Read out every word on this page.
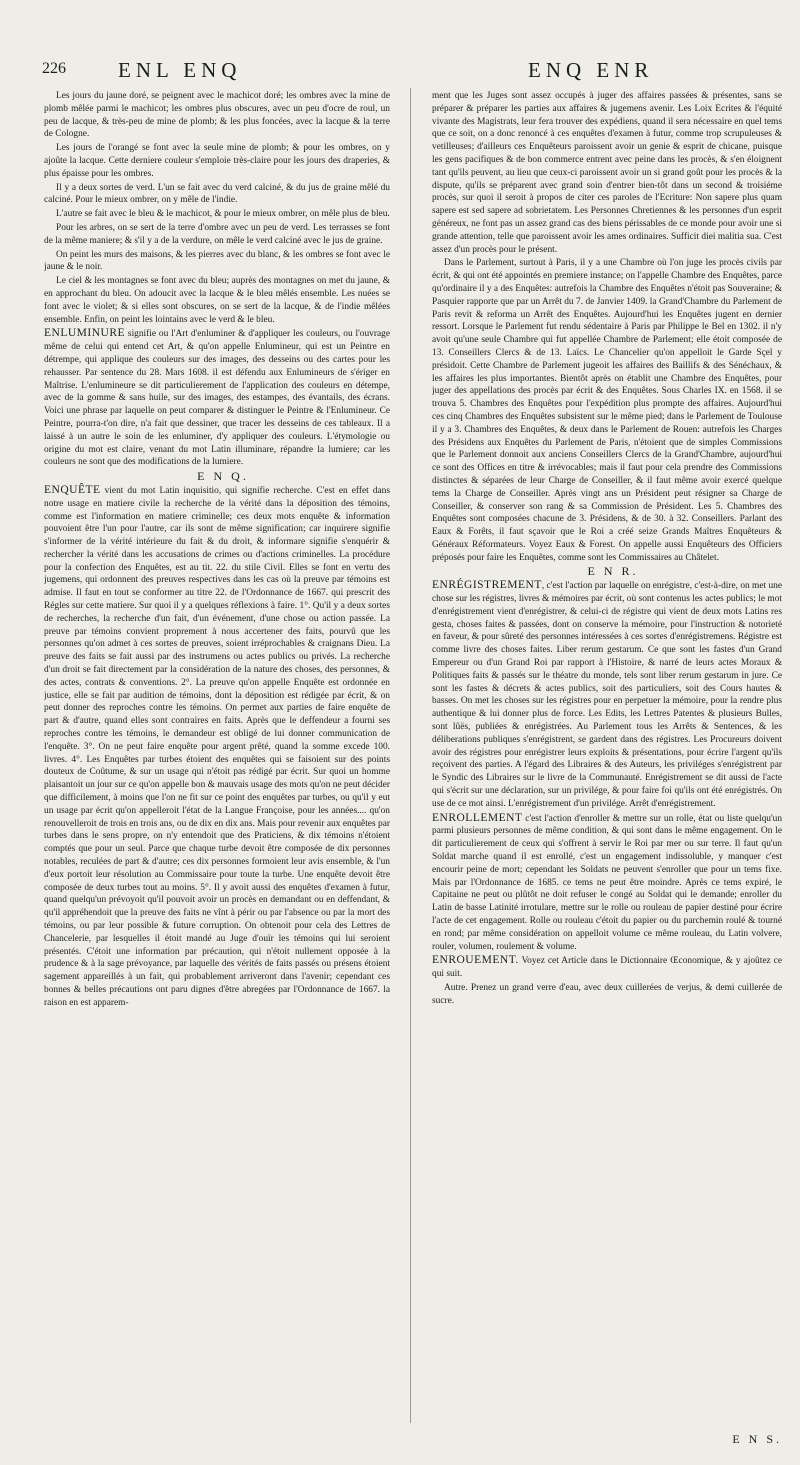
226 ENL ENQ	ENQ ENR

Les jours du jaune doré, se peignent avec le machicot doré; les ombres avec la mine de plomb mêlée parmi le machicot; les ombres plus obscures, avec un peu d'ocre de roul, un peu de lacque, & très-peu de mine de plomb; & les plus foncées, avec la lacque & la terre de Cologne.

Les jours de l'orangé se font avec la seule mine de plomb; & pour les ombres, on y ajoûte la lacque. Cette derniere couleur s'emploie très-claire pour les jours des draperies, & plus épaisse pour les ombres.

Il y a deux sortes de verd. L'un se fait avec du verd calciné, & du jus de graine mêlé du calciné. Pour le mieux ombrer, on y mêle de l'indie.

L'autre se fait avec le bleu & le machicot, & pour le mieux ombrer, on mêle plus de bleu.

Pour les arbres, on se sert de la terre d'ombre avec un peu de verd. Les terrasses se font de la même maniere; & s'il y a de la verdure, on mêle le verd calciné avec le jus de graine.

On peint les murs des maisons, & les pierres avec du blanc, & les ombres se font avec le jaune & le noir.

Le ciel & les montagnes se font avec du bleu; auprès des montagnes on met du jaune, & en approchant du bleu. On adoucit avec la lacque & le bleu mêlés ensemble. Les nuées se font avec le violet; & si elles sont obscures, on se sert de la lacque, & de l'indie mêlées ensemble. Enfin, on peint les lointains avec le verd & le bleu.

ENLUMINURE signifie ou l'Art d'enluminer & d'appliquer les couleurs, ou l'ouvrage même de celui qui entend cet Art, & qu'on appelle Enlumineur, qui est un Peintre en détrempe, qui applique des couleurs sur des images, des desseins ou des cartes pour les rehausser. Par sentence du 28. Mars 1608. il est défendu aux Enlumineurs de s'ériger en Maîtrise. L'enlumineure se dit particulierement de l'application des couleurs en détempe, avec de la gomme & sans huile, sur des images, des estampes, des évantails, des écrans. Voici une phrase par laquelle on peut comparer & distinguer le Peintre & l'Enlumineur. Ce Peintre, pourra-t'on dire, n'a fait que dessiner, que tracer les desseins de ces tableaux. Il a laissé à un autre le soin de les enluminer, d'y appliquer des couleurs. L'étymologie ou origine du mot est claire, venant du mot Latin illuminare, répandre la lumiere; car les couleurs ne sont que des modifications de la lumiere.

E N Q.

ENQUÊTE vient du mot Latin inquisitio, qui signifie recherche. C'est en effet dans notre usage en matiere civile la recherche de la vérité dans la déposition des témoins, comme est l'information en matiere criminelle; ces deux mots enquête & information pouvoient être l'un pour l'autre, car ils sont de même signification; car inquirere signifie s'informer de la vérité intérieure du fait & du droit, & informare signifie s'enquérir & rechercher la vérité dans les accusations de crimes ou d'actions criminelles. La procédure pour la confection des Enquêtes, est au tit. 22. du stile Civil. Elles se font en vertu des jugemens, qui ordonnent des preuves respectives dans les cas où la preuve par témoins est admise. Il faut en tout se conformer au titre 22. de l'Ordonnance de 1667. qui prescrit des Régles sur cette matiere. Sur quoi il y a quelques réflexions à faire. 1°. Qu'il y a deux sortes de recherches, la recherche d'un fait, d'un événement, d'une chose ou action passée. La preuve par témoins convient proprement à nous accertener des faits, pourvû que les personnes qu'on admet à ces sortes de preuves, soient irréprochables & craignans Dieu. La preuve des faits se fait aussi par des instrumens ou actes publics ou privés. La recherche d'un droit se fait directement par la considération de la nature des choses, des personnes, & des actes, contrats & conventions. 2°. La preuve qu'on appelle Enquête est ordonnée en justice, elle se fait par audition de témoins, dont la déposition est rédigée par écrit, & on peut donner des reproches contre les témoins. On permet aux parties de faire enquête de part & d'autre, quand elles sont contraires en faits. Après que le deffendeur a fourni ses reproches contre les témoins, le demandeur est obligé de lui donner communication de l'enquête. 3°. On ne peut faire enquête pour argent prêté, quand la somme excede 100. livres. 4°. Les Enquêtes par turbes étoient des enquêtes qui se faisoient sur des points douteux de Coûtume, & sur un usage qui n'étoit pas rédigé par écrit. Sur quoi un homme plaisantoit un jour sur ce qu'on appelle bon & mauvais usage des mots qu'on ne peut décider que difficilement, à moins que l'on ne fit sur ce point des enquêtes par turbes, ou qu'il y eut un usage par écrit qu'on appelleroit l'état de la Langue Françoise, pour les années.... qu'on renouvelleroit de trois en trois ans, ou de dix en dix ans. Mais pour revenir aux enquêtes par turbes dans le sens propre, on n'y entendoit que des Praticiens, & dix témoins n'étoient comptés que pour un seul. Parce que chaque turbe devoit être composée de dix personnes notables, reculées de part & d'autre; ces dix personnes formoient leur avis ensemble, & l'un d'eux portoit leur résolution au Commissaire pour toute la turbe. Une enquête devoit être composée de deux turbes tout au moins. 5°. Il y avoit aussi des enquêtes d'examen à futur, quand quelqu'un prévoyoit qu'il pouvoit avoir un procès en demandant ou en deffendant, & qu'il appréhendoit que la preuve des faits ne vînt à périr ou par l'absence ou par la mort des témoins, ou par leur possible & future corruption. On obtenoit pour cela des Lettres de Chancelerie, par lesquelles il étoit mandé au Juge d'ouïr les témoins qui lui seroient présentés. C'étoit une information par précaution, qui n'étoit nullement opposée à la prudence & à la sage prévoyance, par laquelle des vérités de faits passés ou présens étoient sagement appareillés à un fait, qui probablement arriveront dans l'avenir; cependant ces bonnes & belles précautions ont paru dignes d'être abregées par l'Ordonnance de 1667. la raison en est apparem-

ment que les Juges sont assez occupés à juger des affaires passées & présentes, sans se préparer & préparer les parties aux affaires & jugemens avenir. Les Loix Ecrites & l'équité vivante des Magistrats, leur fera trouver des expédiens, quand il sera nécessaire en quel tems que ce soit, on a donc renoncé à ces enquêtes d'examen à futur, comme trop scrupuleuses & vetilleuses; d'ailleurs ces Enquêteurs paroissent avoir un genie & esprit de chicane, puisque les gens pacifiques & de bon commerce entrent avec peine dans les procès, & s'en éloignent tant qu'ils peuvent, au lieu que ceux-ci paroissent avoir un si grand goût pour les procès & la dispute, qu'ils se préparent avec grand soin d'entrer bien-tôt dans un second & troisiéme procès, sur quoi il seroit à propos de citer ces paroles de l'Ecriture: Non sapere plus quam sapere est sed sapere ad sobrietatem. Les Personnes Chretiennes & les personnes d'un esprit généreux, ne font pas un assez grand cas des biens périssables de ce monde pour avoir une si grande attention, telle que paroissent avoir les ames ordinaires. Sufficit diei malitia sua. C'est assez d'un procès pour le présent.

Dans le Parlement, surtout à Paris, il y a une Chambre où l'on juge les procès civils par écrit, & qui ont été appointés en premiere instance; on l'appelle Chambre des Enquêtes, parce qu'ordinaire il y a des Enquêtes: autrefois la Chambre des Enquêtes n'étoit pas Souveraine; & Pasquier rapporte que par un Arrêt du 7. de Janvier 1409. la Grand'Chambre du Parlement de Paris revit & reforma un Arrêt des Enquêtes. Aujourd'hui les Enquêtes jugent en dernier ressort. Lorsque le Parlement fut rendu sédentaire à Paris par Philippe le Bel en 1302. il n'y avoit qu'une seule Chambre qui fut appellée Chambre de Parlement; elle étoit composée de 13. Conseillers Clercs & de 13. Laïcs. Le Chancelier qu'on appelloit le Garde Sçel y présidoit. Cette Chambre de Parlement jugeoit les affaires des Baillifs & des Sénéchaux, & les affaires les plus importantes. Bientôt après on établit une Chambre des Enquêtes, pour juger des appellations des procès par écrit & des Enquêtes. Sous Charles IX. en 1568. il se trouva 5. Chambres des Enquêtes pour l'expédition plus prompte des affaires. Aujourd'hui ces cinq Chambres des Enquêtes subsistent sur le même pied; dans le Parlement de Toulouse il y a 3. Chambres des Enquêtes, & deux dans le Parlement de Rouen: autrefois les Charges des Présidens aux Enquêtes du Parlement de Paris, n'étoient que de simples Commissions que le Parlement donnoit aux anciens Conseillers Clercs de la Grand'Chambre, aujourd'hui ce sont des Offices en titre & irrévocables; mais il faut pour cela prendre des Commissions distinctes & séparées de leur Charge de Conseiller, & il faut même avoir exercé quelque tems la Charge de Conseiller. Après vingt ans un Président peut résigner sa Charge de Conseiller, & conserver son rang & sa Commission de Président. Les 5. Chambres des Enquêtes sont composées chacune de 3. Présidens, & de 30. à 32. Conseillers. Parlant des Eaux & Forêts, il faut sçavoir que le Roi a créé seize Grands Maîtres Enquêteurs & Généraux Réformateurs. Voyez Eaux & Forest. On appelle aussi Enquêteurs des Officiers préposés pour faire les Enquêtes, comme sont les Commissaires au Châtelet.

E N R.

ENRÉGISTREMENT, c'est l'action par laquelle on enrégistre, c'est-à-dire, on met une chose sur les régistres, livres & mémoires par écrit, où sont contenus les actes publics; le mot d'enrégistrement vient d'enrégistrer, & celui-ci de régistre qui vient de deux mots Latins res gesta, choses faites & passées, dont on conserve la mémoire, pour l'instruction & notorieté en faveur, & pour sûreté des personnes intéressées à ces sortes d'enrégistremens. Régistre est comme livre des choses faites. Liber rerum gestarum. Ce que sont les fastes d'un Grand Empereur ou d'un Grand Roi par rapport à l'Histoire, & narré de leurs actes Moraux & Politiques faits & passés sur le théatre du monde, tels sont liber rerum gestarum in jure. Ce sont les fastes & décrets & actes publics, soit des particuliers, soit des Cours hautes & basses. On met les choses sur les régistres pour en perpetuer la mémoire, pour la rendre plus authentique & lui donner plus de force. Les Edits, les Lettres Patentes & plusieurs Bulles, sont lûës, publiées & enrégistrées. Au Parlement tous les Arrêts & Sentences, & les déliberations publiques s'enrégistrent, se gardent dans des régistres. Les Procureurs doivent avoir des régistres pour enrégistrer leurs exploits & présentations, pour écrire l'argent qu'ils reçoivent des parties. A l'égard des Libraires & des Auteurs, les priviléges s'enrégistrent par le Syndic des Libraires sur le livre de la Communauté. Enrégistrement se dit aussi de l'acte qui s'écrit sur une déclaration, sur un privilége, & pour faire foi qu'ils ont été enrégistrés. On use de ce mot ainsi. L'enrégistrement d'un privilége. Arrêt d'enrégistrement.

ENROLLEMENT c'est l'action d'enroller & mettre sur un rolle, état ou liste quelqu'un parmi plusieurs personnes de même condition, & qui sont dans le même engagement. On le dit particulierement de ceux qui s'offrent à servir le Roi par mer ou sur terre. Il faut qu'un Soldat marche quand il est enrollé, c'est un engagement indissoluble, y manquer c'est encourir peine de mort; cependant les Soldats ne peuvent s'enroller que pour un tems fixe. Mais par l'Ordonnance de 1685. ce tems ne peut être moindre. Après ce tems expiré, le Capitaine ne peut ou plûtôt ne doit refuser le congé au Soldat qui le demande; enroller du Latin de basse Latinité irrotulare, mettre sur le rolle ou rouleau de papier destiné pour écrire l'acte de cet engagement. Rolle ou rouleau c'étoit du papier ou du parchemin roulé & tourné en rond; par même considération on appelloit volume ce même rouleau, du Latin volvere, rouler, volumen, roulement & volume.

ENROUEMENT. Voyez cet Article dans le Dictionnaire Œconomique, & y ajoûtez ce qui suit.

Autre. Prenez un grand verre d'eau, avec deux cuillerées de verjus, & demi cuillerée de sucre.

E N S.
